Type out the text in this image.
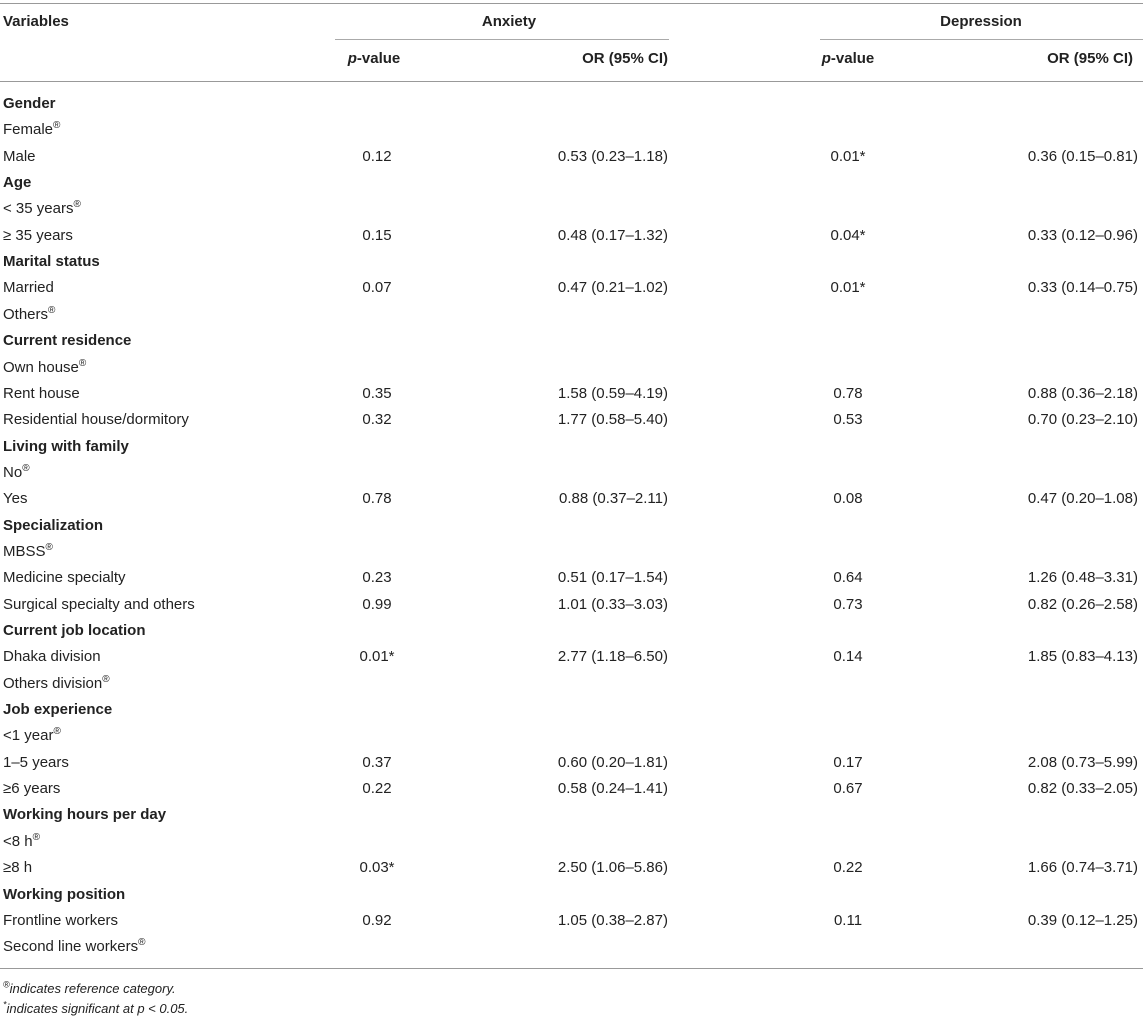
Variables	Anxiety	Depression
p-value	OR (95% CI)	p-value	OR (95% CI)
Gender
Female®
Male	0.12	0.53 (0.23–1.18)	0.01*	0.36 (0.15–0.81)
Age
< 35 years®
≥ 35 years	0.15	0.48 (0.17–1.32)	0.04*	0.33 (0.12–0.96)
Marital status
Married	0.07	0.47 (0.21–1.02)	0.01*	0.33 (0.14–0.75)
Others®
Current residence
Own house®
Rent house	0.35	1.58 (0.59–4.19)	0.78	0.88 (0.36–2.18)
Residential house/dormitory	0.32	1.77 (0.58–5.40)	0.53	0.70 (0.23–2.10)
Living with family
No®
Yes	0.78	0.88 (0.37–2.11)	0.08	0.47 (0.20–1.08)
Specialization
MBSS®
Medicine specialty	0.23	0.51 (0.17–1.54)	0.64	1.26 (0.48–3.31)
Surgical specialty and others	0.99	1.01 (0.33–3.03)	0.73	0.82 (0.26–2.58)
Current job location
Dhaka division	0.01*	2.77 (1.18–6.50)	0.14	1.85 (0.83–4.13)
Others division®
Job experience
<1 year®
1–5 years	0.37	0.60 (0.20–1.81)	0.17	2.08 (0.73–5.99)
≥6 years	0.22	0.58 (0.24–1.41)	0.67	0.82 (0.33–2.05)
Working hours per day
<8 h®
≥8 h	0.03*	2.50 (1.06–5.86)	0.22	1.66 (0.74–3.71)
Working position
Frontline workers	0.92	1.05 (0.38–2.87)	0.11	0.39 (0.12–1.25)
Second line workers®
®indicates reference category.
*indicates significant at p < 0.05.
